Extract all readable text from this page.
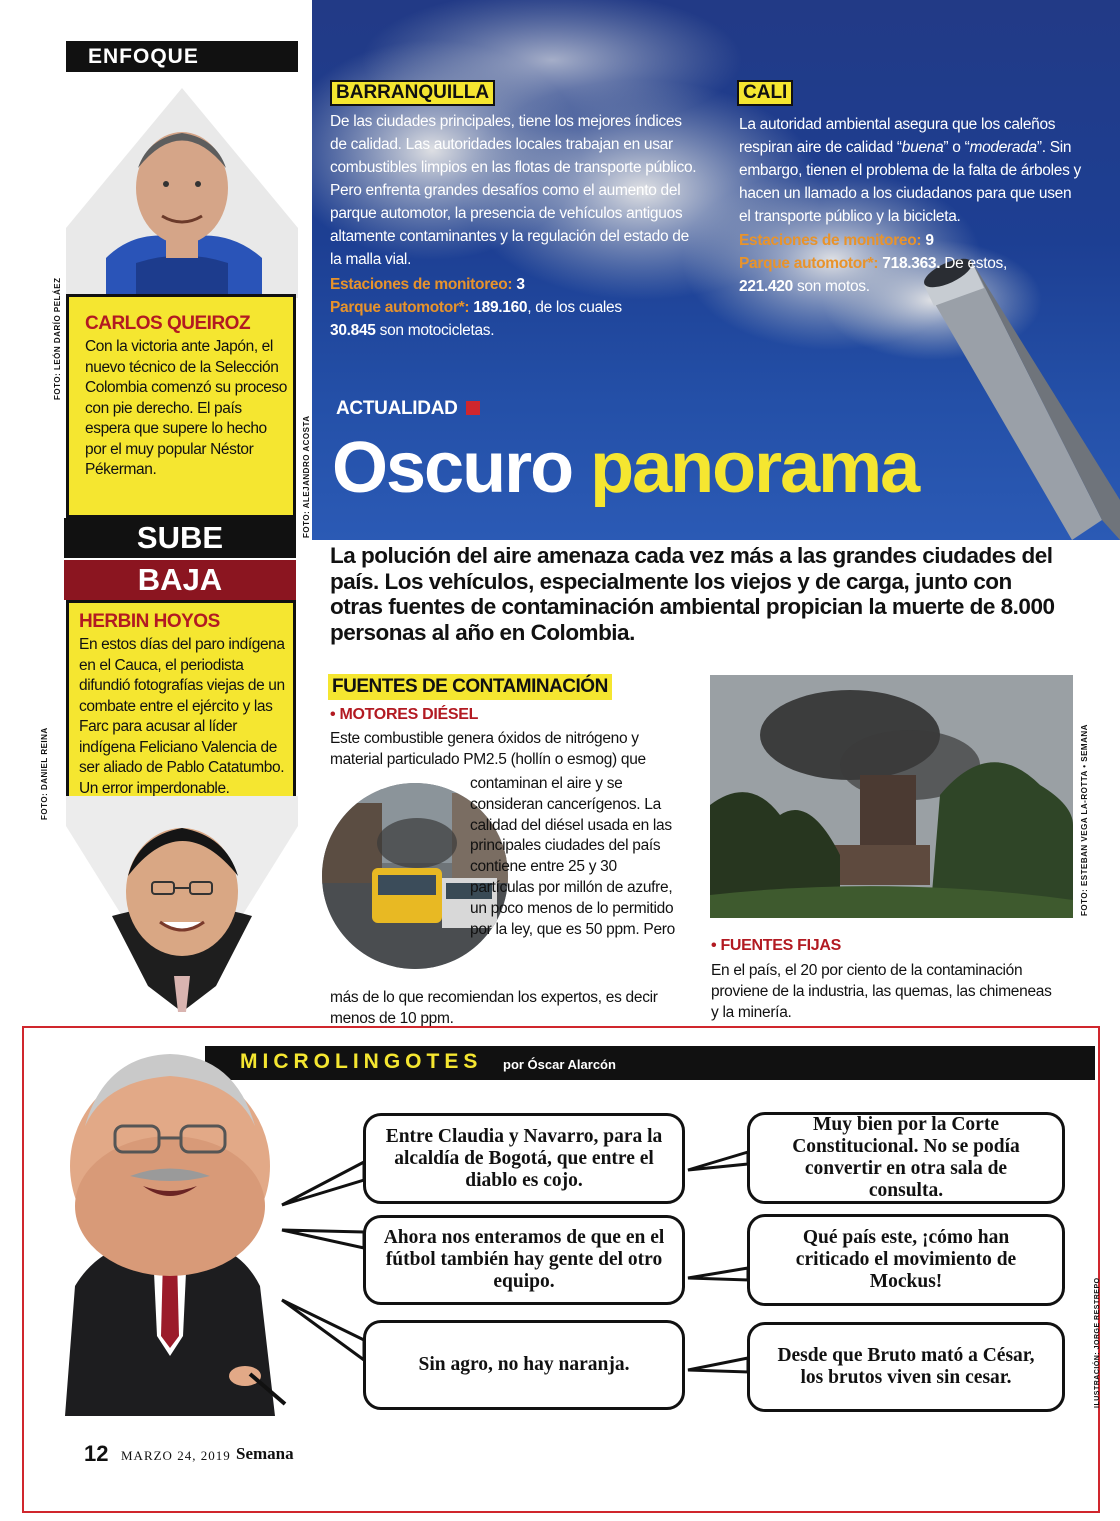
ENFOQUE
FOTO: LEÓN DARÍO PELÁEZ CARLOS QUEIROZ
Con la victoria ante Japón, el nuevo técnico de la Selección Colombia comenzó su proceso con pie derecho. El país espera que supere lo hecho por el muy popular Néstor Pékerman.
SUBE
BAJA
HERBIN HOYOS
En estos días del paro indígena en el Cauca, el periodista difundió fotografías viejas de un combate entre el ejército y las Farc para acusar al líder indígena Feliciano Valencia de ser aliado de Pablo Catatumbo. Un error imperdonable.
FOTO: DANIEL REINA
BARRANQUILLA
De las ciudades principales, tiene los mejores índices de calidad. Las autoridades locales trabajan en usar combustibles limpios en las flotas de transporte público. Pero enfrenta grandes desafíos como el aumento del parque automotor, la presencia de vehículos antiguos altamente contaminantes y la regulación del estado de la malla vial.
Estaciones de monitoreo: 3
Parque automotor*: 189.160, de los cuales
30.845 son motocicletas.
CALI
La autoridad ambiental asegura que los caleños respiran aire de calidad “buena” o “moderada”. Sin embargo, tienen el problema de la falta de árboles y hacen un llamado a los ciudadanos para que usen el transporte público y la bicicleta.
Estaciones de monitoreo: 9
Parque automotor*: 718.363. De estos,
221.420 son motos.
ACTUALIDAD
Oscuro panorama
FOTO: ALEJANDRO ACOSTA
La polución del aire amenaza cada vez más a las grandes ciudades del país. Los vehículos, especialmente los viejos y de carga, junto con otras fuentes de contaminación ambiental propician la muerte de 8.000 personas al año en Colombia.
FUENTES DE CONTAMINACIÓN
• MOTORES DIÉSEL
Este combustible genera óxidos de nitrógeno y material particulado PM2.5 (hollín o esmog) que
contaminan el aire y se consideran cancerígenos. La calidad del diésel usada en las principales ciudades del país contiene entre 25 y 30 partículas por millón de azufre, un poco menos de lo permitido por la ley, que es 50 ppm. Pero
más de lo que recomiendan los expertos, es decir menos de 10 ppm.
FOTO: ESTEBAN VEGA LA-ROTTA • SEMANA
• FUENTES FIJAS
En el país, el 20 por ciento de la contaminación proviene de la industria, las quemas, las chimeneas y la minería.
MICROLINGOTES por Óscar Alarcón
Entre Claudia y Navarro, para la alcaldía de Bogotá, que entre el diablo es cojo.
Ahora nos enteramos de que en el fútbol también hay gente del otro equipo.
Sin agro, no hay naranja.
Muy bien por la Corte Constitucional. No se podía convertir en otra sala de consulta.
Qué país este, ¡cómo han criticado el movimiento de Mockus!
Desde que Bruto mató a César, los brutos viven sin cesar.	ILUSTRACIÓN: JORGE RESTREPO
12 MARZO 24, 2019 Semana
